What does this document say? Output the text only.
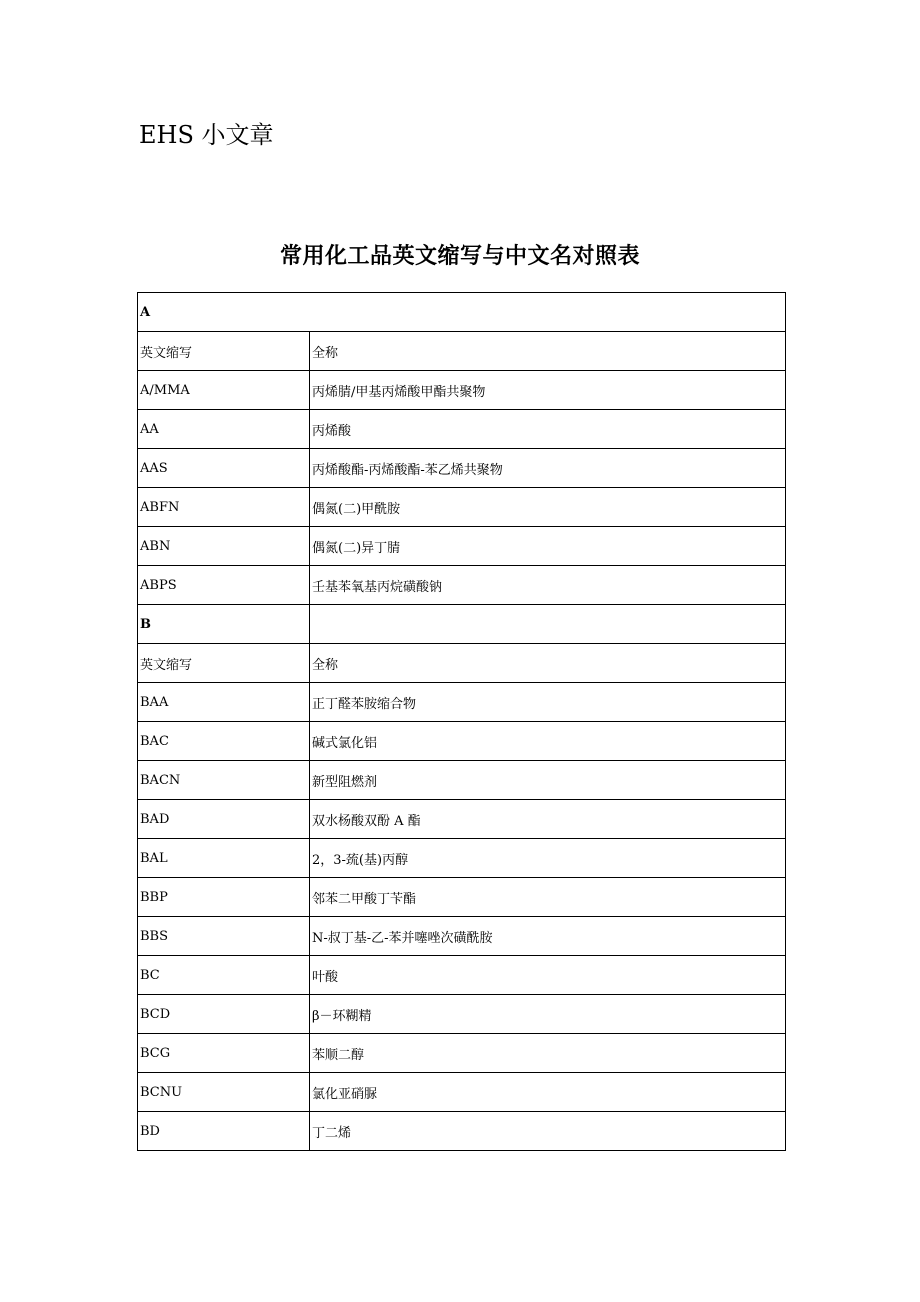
EHS 小文章
常用化工品英文缩写与中文名对照表
A	
英文缩写	全称
A/MMA	丙烯腈/甲基丙烯酸甲酯共聚物
AA	丙烯酸
AAS	丙烯酸酯-丙烯酸酯-苯乙烯共聚物
ABFN	偶氮(二)甲酰胺
ABN	偶氮(二)异丁腈
ABPS	壬基苯氧基丙烷磺酸钠
B	
英文缩写	全称
BAA	正丁醛苯胺缩合物
BAC	碱式氯化铝
BACN	新型阻燃剂
BAD	双水杨酸双酚 A 酯
BAL	2，3-巯(基)丙醇
BBP	邻苯二甲酸丁苄酯
BBS	N-叔丁基-乙-苯并噻唑次磺酰胺
BC	叶酸
BCD	β－环糊精
BCG	苯顺二醇
BCNU	氯化亚硝脲
BD	丁二烯
